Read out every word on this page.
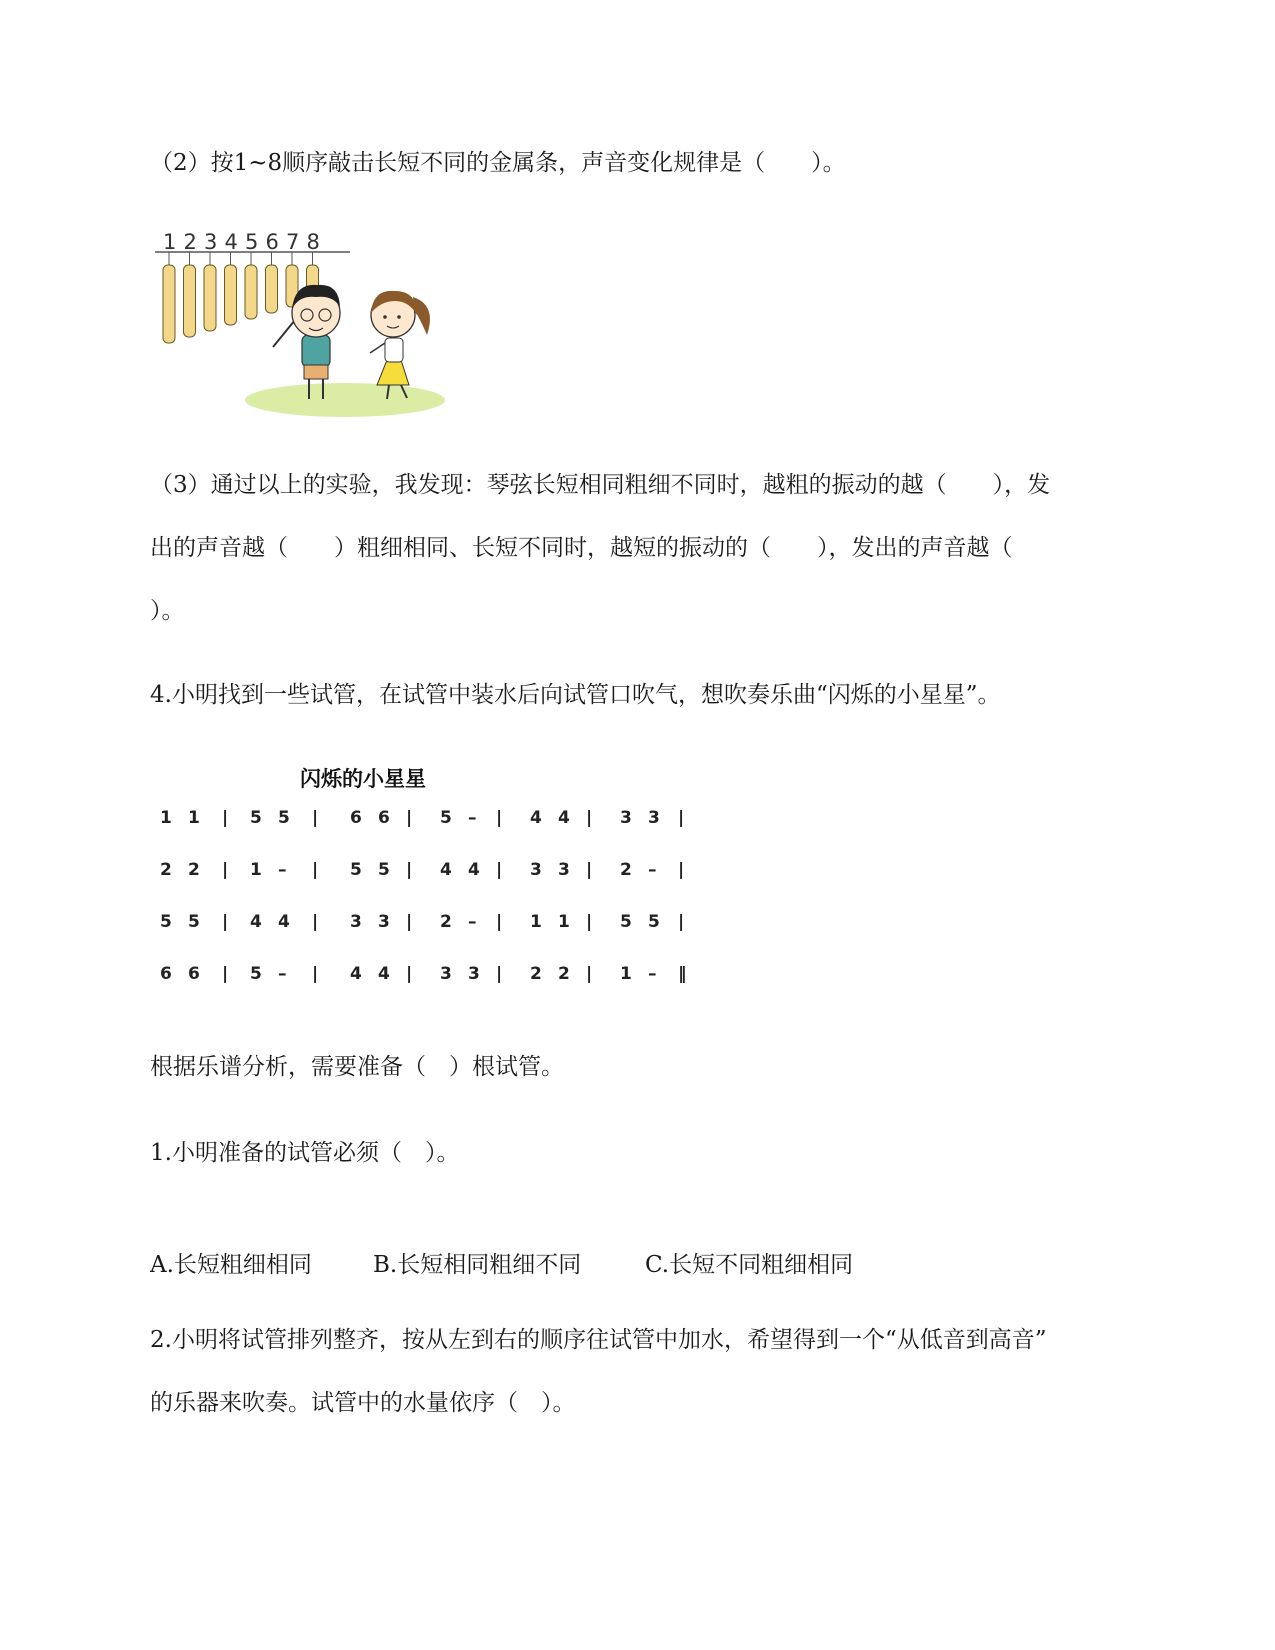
（2）按1~8顺序敲击长短不同的金属条，声音变化规律是（　　）。
1 2 3 4 5 6 7 8
（3）通过以上的实验，我发现：琴弦长短相同粗细不同时，越粗的振动的越（　　），发
出的声音越（　　）粗细相同、长短不同时，越短的振动的（　　），发出的声音越（
）。
4.小明找到一些试管，在试管中装水后向试管口吹气，想吹奏乐曲“闪烁的小星星”。
闪烁的小星星
1 1 | 5 5 | 6 6 | 5 – | 4 4 | 3 3 |
2 2 | 1 – | 5 5 | 4 4 | 3 3 | 2 – |
5 5 | 4 4 | 3 3 | 2 – | 1 1 | 5 5 |
6 6 | 5 – | 4 4 | 3 3 | 2 2 | 1 – ‖
根据乐谱分析，需要准备（　）根试管。
1.小明准备的试管必须（　）。
A.长短粗细相同	B.长短相同粗细不同	C.长短不同粗细相同
2.小明将试管排列整齐，按从左到右的顺序往试管中加水，希望得到一个“从低音到高音”
的乐器来吹奏。试管中的水量依序（　）。
